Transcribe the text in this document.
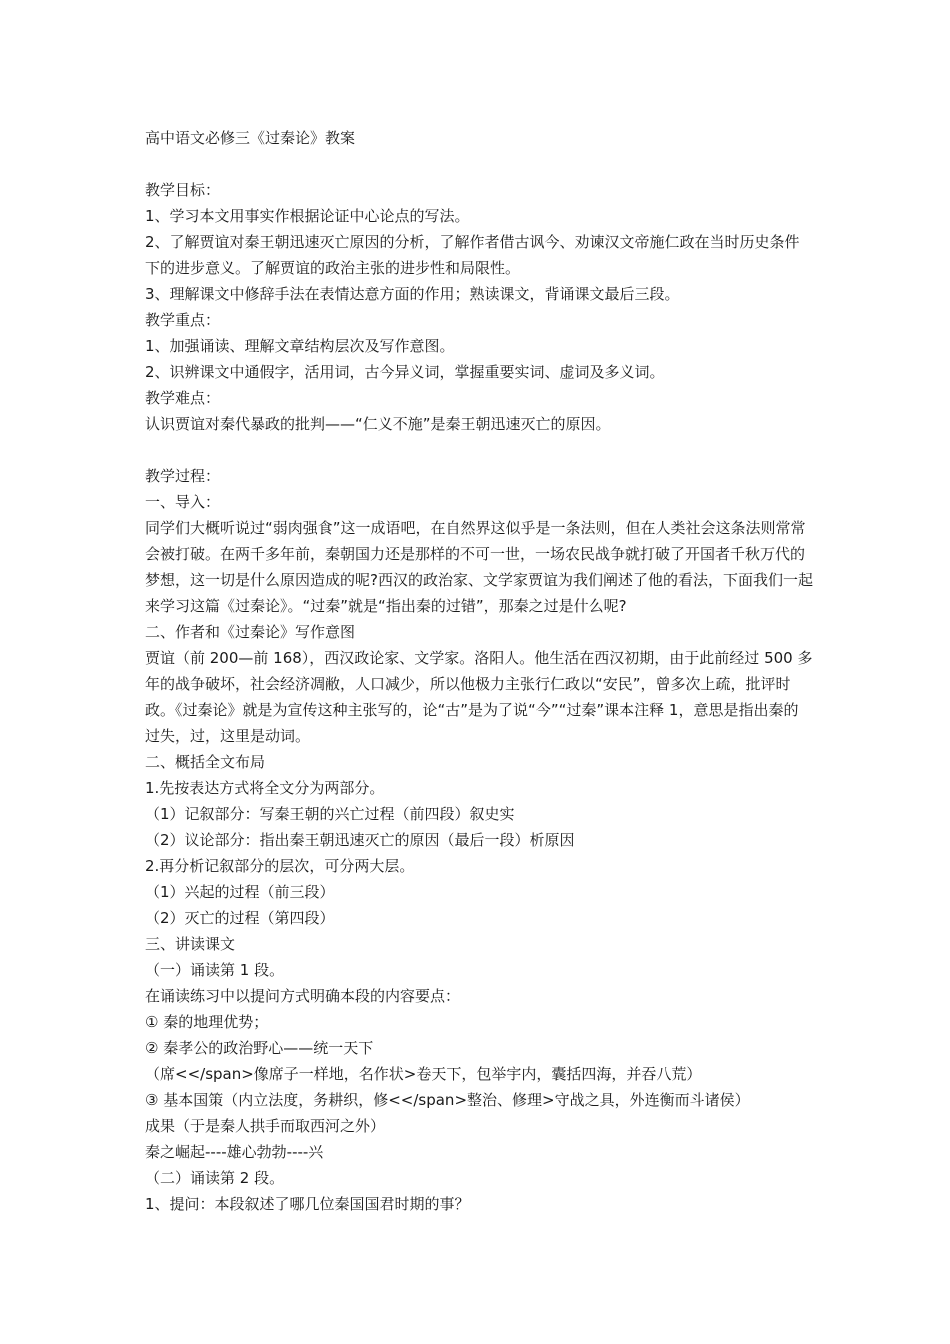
高中语文必修三《过秦论》教案
教学目标：
1、学习本文用事实作根据论证中心论点的写法。
2、了解贾谊对秦王朝迅速灭亡原因的分析，了解作者借古讽今、劝谏汉文帝施仁政在当时历史条件下的进步意义。了解贾谊的政治主张的进步性和局限性。
3、理解课文中修辞手法在表情达意方面的作用；熟读课文，背诵课文最后三段。
教学重点：
1、加强诵读、理解文章结构层次及写作意图。
2、识辨课文中通假字，活用词，古今异义词，掌握重要实词、虚词及多义词。
教学难点：
认识贾谊对秦代暴政的批判——“仁义不施”是秦王朝迅速灭亡的原因。
教学过程：
一、导入：
同学们大概听说过“弱肉强食”这一成语吧，在自然界这似乎是一条法则，但在人类社会这条法则常常会被打破。在两千多年前，秦朝国力还是那样的不可一世，一场农民战争就打破了开国者千秋万代的梦想，这一切是什么原因造成的呢?西汉的政治家、文学家贾谊为我们阐述了他的看法，下面我们一起来学习这篇《过秦论》。“过秦”就是“指出秦的过错”，那秦之过是什么呢?
二、作者和《过秦论》写作意图
贾谊（前 200—前 168），西汉政论家、文学家。洛阳人。他生活在西汉初期，由于此前经过 500 多年的战争破坏，社会经济凋敝，人口减少，所以他极力主张行仁政以“安民”，曾多次上疏，批评时政。《过秦论》就是为宣传这种主张写的，论“古”是为了说“今”“过秦”课本注释 1，意思是指出秦的过失，过，这里是动词。
二、概括全文布局
1.先按表达方式将全文分为两部分。
（1）记叙部分：写秦王朝的兴亡过程（前四段）叙史实
（2）议论部分：指出秦王朝迅速灭亡的原因（最后一段）析原因
2.再分析记叙部分的层次，可分两大层。
（1）兴起的过程（前三段）
（2）灭亡的过程（第四段）
三、讲读课文
（一）诵读第 1 段。
在诵读练习中以提问方式明确本段的内容要点：
① 秦的地理优势；
② 秦孝公的政治野心——统一天下
（席<</span>像席子一样地，名作状>卷天下，包举宇内，囊括四海，并吞八荒）
③ 基本国策（内立法度，务耕织，修<</span>整治、修理>守战之具，外连衡而斗诸侯）
成果（于是秦人拱手而取西河之外）
秦之崛起----雄心勃勃----兴
（二）诵读第 2 段。
1、提问：本段叙述了哪几位秦国国君时期的事？
